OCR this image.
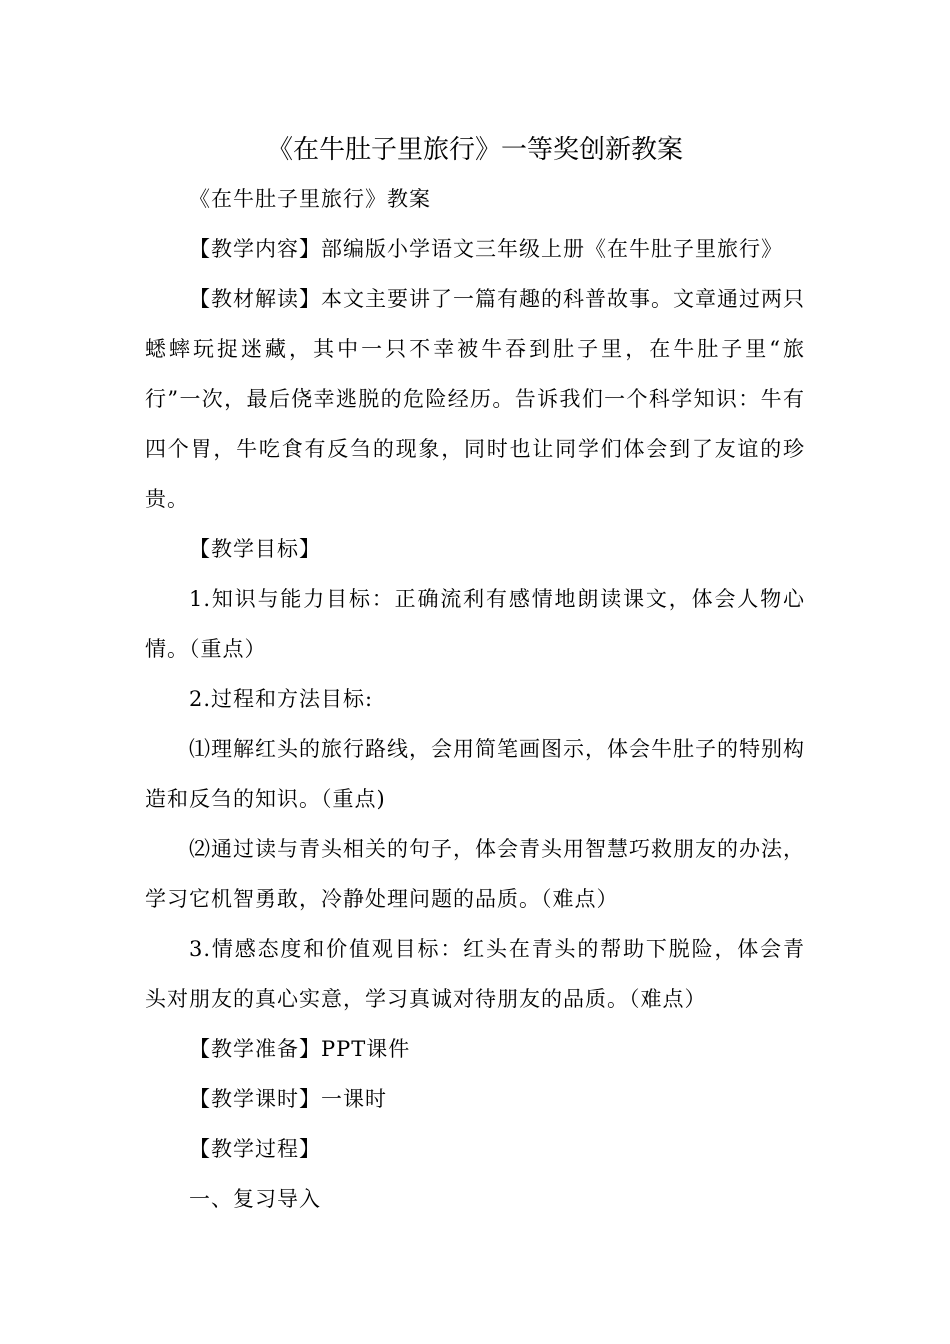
《在牛肚子里旅行》一等奖创新教案
《在牛肚子里旅行》教案
【教学内容】部编版小学语文三年级上册《在牛肚子里旅行》
【教材解读】本文主要讲了一篇有趣的科普故事。文章通过两只蟋蟀玩捉迷藏，其中一只不幸被牛吞到肚子里，在牛肚子里“旅行”一次，最后侥幸逃脱的危险经历。告诉我们一个科学知识：牛有四个胃，牛吃食有反刍的现象，同时也让同学们体会到了友谊的珍贵。
【教学目标】
1.知识与能力目标：正确流利有感情地朗读课文，体会人物心情。（重点）
2.过程和方法目标:
⑴理解红头的旅行路线，会用简笔画图示，体会牛肚子的特别构造和反刍的知识。（重点)
⑵通过读与青头相关的句子，体会青头用智慧巧救朋友的办法，学习它机智勇敢，冷静处理问题的品质。（难点）
3.情感态度和价值观目标：红头在青头的帮助下脱险，体会青头对朋友的真心实意，学习真诚对待朋友的品质。（难点）
【教学准备】PPT课件
【教学课时】一课时
【教学过程】
一、复习导入
